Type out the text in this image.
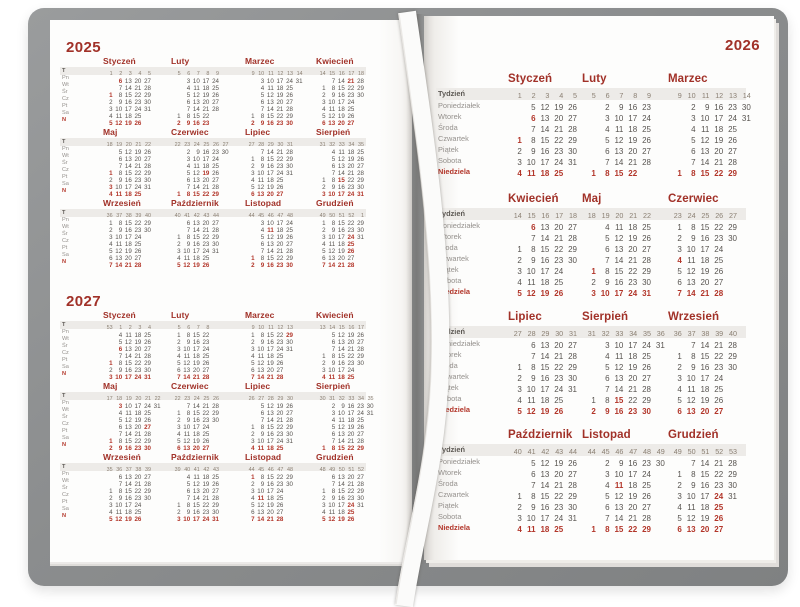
2025
T
Pn
Wt
Śr
Cz
Pt
Sa
N
Styczeń
1 2 3 4 5
6 13 20 27
7 14 21 28
1 8 15 22 29
2 9 16 23 30
3 10 17 24 31
4 11 18 25
5 12 19 26
Luty
5 6 7 8 9
3 10 17 24
4 11 18 25
5 12 19 26
6 13 20 27
7 14 21 28
1 8 15 22
2 9 16 23
Marzec
9 10 11 12 13 14
3 10 17 24 31
4 11 18 25
5 12 19 26
6 13 20 27
7 14 21 28
1 8 15 22 29
2 9 16 23 30
Kwiecień
14 15 16 17 18
7 14 21 28
1 8 15 22 29
2 9 16 23 30
3 10 17 24
4 11 18 25
5 12 19 26
6 13 20 27
T
Pn
Wt
Śr
Cz
Pt
Sa
N
Maj
18 19 20 21 22
5 12 19 26
6 13 20 27
7 14 21 28
1 8 15 22 29
2 9 16 23 30
3 10 17 24 31
4 11 18 25
Czerwiec
22 23 24 25 26 27
2 9 16 23 30
3 10 17 24
4 11 18 25
5 12 19 26
6 13 20 27
7 14 21 28
1 8 15 22 29
Lipiec
27 28 29 30 31
7 14 21 28
1 8 15 22 29
2 9 16 23 30
3 10 17 24 31
4 11 18 25
5 12 19 26
6 13 20 27
Sierpień
31 32 33 34 35
4 11 18 25
5 12 19 26
6 13 20 27
7 14 21 28
1 8 15 22 29
2 9 16 23 30
3 10 17 24 31
T
Pn
Wt
Śr
Cz
Pt
Sa
N
Wrzesień
36 37 38 39 40
1 8 15 22 29
2 9 16 23 30
3 10 17 24
4 11 18 25
5 12 19 26
6 13 20 27
7 14 21 28
Październik
40 41 42 43 44
6 13 20 27
7 14 21 28
1 8 15 22 29
2 9 16 23 30
3 10 17 24 31
4 11 18 25
5 12 19 26
Listopad
44 45 46 47 48
3 10 17 24
4 11 18 25
5 12 19 26
6 13 20 27
7 14 21 28
1 8 15 22 29
2 9 16 23 30
Grudzień
49 50 51 52 1
1 8 15 22 29
2 9 16 23 30
3 10 17 24 31
4 11 18 25
5 12 19 26
6 13 20 27
7 14 21 28
2027
T
Pn
Wt
Śr
Cz
Pt
Sa
N
Styczeń
53 1 2 3 4
4 11 18 25
5 12 19 26
6 13 20 27
7 14 21 28
1 8 15 22 29
2 9 16 23 30
3 10 17 24 31
Luty
5 6 7 8
1 8 15 22
2 9 16 23
3 10 17 24
4 11 18 25
5 12 19 26
6 13 20 27
7 14 21 28
Marzec
9 10 11 12 13
1 8 15 22 29
2 9 16 23 30
3 10 17 24 31
4 11 18 25
5 12 19 26
6 13 20 27
7 14 21 28
Kwiecień
13 14 15 16 17
5 12 19 26
6 13 20 27
7 14 21 28
1 8 15 22 29
2 9 16 23 30
3 10 17 24
4 11 18 25
T
Pn
Wt
Śr
Cz
Pt
Sa
N
Maj
17 18 19 20 21 22
3 10 17 24 31
4 11 18 25
5 12 19 26
6 13 20 27
7 14 21 28
1 8 15 22 29
2 9 16 23 30
Czerwiec
22 23 24 25 26
7 14 21 28
1 8 15 22 29
2 9 16 23 30
3 10 17 24
4 11 18 25
5 12 19 26
6 13 20 27
Lipiec
26 27 28 29 30
5 12 19 26
6 13 20 27
7 14 21 28
1 8 15 22 29
2 9 16 23 30
3 10 17 24 31
4 11 18 25
Sierpień
30 31 32 33 34 35
2 9 16 23 30
3 10 17 24 31
4 11 18 25
5 12 19 26
6 13 20 27
7 14 21 28
1 8 15 22 29
T
Pn
Wt
Śr
Cz
Pt
Sa
N
Wrzesień
35 36 37 38 39
6 13 20 27
7 14 21 28
1 8 15 22 29
2 9 16 23 30
3 10 17 24
4 11 18 25
5 12 19 26
Październik
39 40 41 42 43
4 11 18 25
5 12 19 26
6 13 20 27
7 14 21 28
1 8 15 22 29
2 9 16 23 30
3 10 17 24 31
Listopad
44 45 46 47 48
1 8 15 22 29
2 9 16 23 30
3 10 17 24
4 11 18 25
5 12 19 26
6 13 20 27
7 14 21 28
Grudzień
48 49 50 51 52
6 13 20 27
7 14 21 28
1 8 15 22 29
2 9 16 23 30
3 10 17 24 31
4 11 18 25
5 12 19 26
2026
Tydzień
Poniedziałek
Wtorek
Środa
Czwartek
Piątek
Sobota
Niedziela
Styczeń
1 2 3 4 5
5 12 19 26
6 13 20 27
7 14 21 28
1 8 15 22 29
2 9 16 23 30
3 10 17 24 31
4 11 18 25
Luty
5 6 7 8 9
2 9 16 23
3 10 17 24
4 11 18 25
5 12 19 26
6 13 20 27
7 14 21 28
1 8 15 22
Marzec
9 10 11 12 13 14
2 9 16 23 30
3 10 17 24 31
4 11 18 25
5 12 19 26
6 13 20 27
7 14 21 28
1 8 15 22 29
Tydzień
Poniedziałek
Wtorek
Środa
Czwartek
Piątek
Sobota
Niedziela
Kwiecień
14 15 16 17 18
6 13 20 27
7 14 21 28
1 8 15 22 29
2 9 16 23 30
3 10 17 24
4 11 18 25
5 12 19 26
Maj
18 19 20 21 22
4 11 18 25
5 12 19 26
6 13 20 27
7 14 21 28
1 8 15 22 29
2 9 16 23 30
3 10 17 24 31
Czerwiec
23 24 25 26 27
1 8 15 22 29
2 9 16 23 30
3 10 17 24
4 11 18 25
5 12 19 26
6 13 20 27
7 14 21 28
Tydzień
Poniedziałek
Wtorek
Środa
Czwartek
Piątek
Sobota
Niedziela
Lipiec
27 28 29 30 31
6 13 20 27
7 14 21 28
1 8 15 22 29
2 9 16 23 30
3 10 17 24 31
4 11 18 25
5 12 19 26
Sierpień
31 32 33 34 35 36
3 10 17 24 31
4 11 18 25
5 12 19 26
6 13 20 27
7 14 21 28
1 8 15 22 29
2 9 16 23 30
Wrzesień
36 37 38 39 40
7 14 21 28
1 8 15 22 29
2 9 16 23 30
3 10 17 24
4 11 18 25
5 12 19 26
6 13 20 27
Tydzień
Poniedziałek
Wtorek
Środa
Czwartek
Piątek
Sobota
Niedziela
Październik
40 41 42 43 44
5 12 19 26
6 13 20 27
7 14 21 28
1 8 15 22 29
2 9 16 23 30
3 10 17 24 31
4 11 18 25
Listopad
44 45 46 47 48 49
2 9 16 23 30
3 10 17 24
4 11 18 25
5 12 19 26
6 13 20 27
7 14 21 28
1 8 15 22 29
Grudzień
49 50 51 52 53
7 14 21 28
1 8 15 22 29
2 9 16 23 30
3 10 17 24 31
4 11 18 25
5 12 19 26
6 13 20 27
